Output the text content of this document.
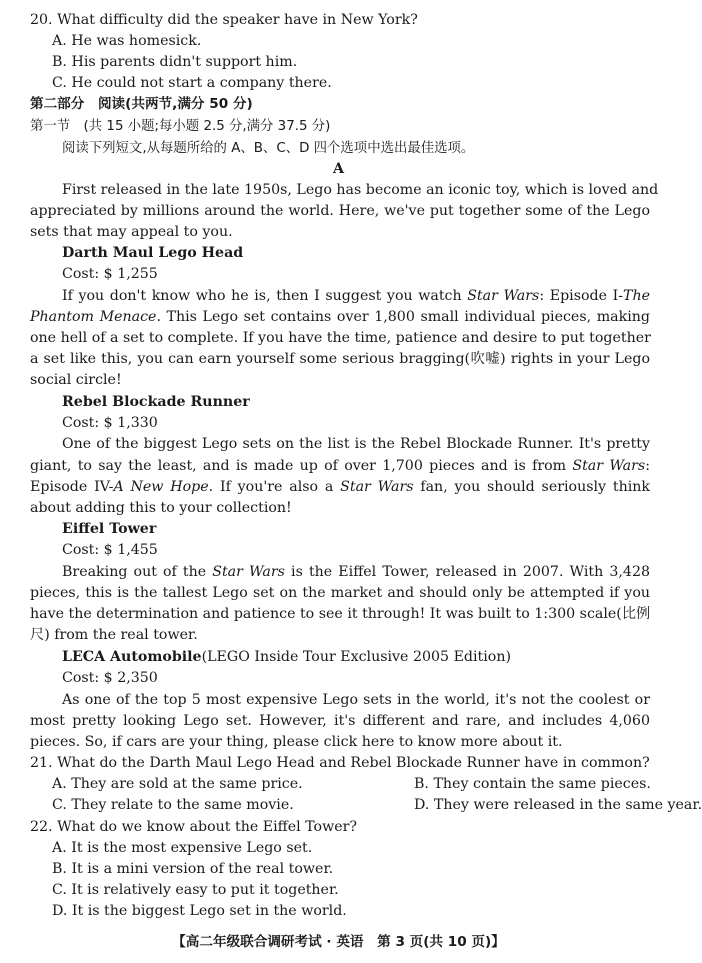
20. What difficulty did the speaker have in New York?
A. He was homesick.
B. His parents didn't support him.
C. He could not start a company there.
第二部分　阅读(共两节,满分 50 分)
第一节　(共 15 小题;每小题 2.5 分,满分 37.5 分)
阅读下列短文,从每题所给的 A、B、C、D 四个选项中选出最佳选项。
A
First released in the late 1950s, Lego has become an iconic toy, which is loved and
appreciated by millions around the world. Here, we've put together some of the Lego
sets that may appeal to you.
Darth Maul Lego Head
Cost: $ 1,255
If you don't know who he is, then I suggest you watch Star Wars: Episode I-The
Phantom Menace. This Lego set contains over 1,800 small individual pieces, making
one hell of a set to complete. If you have the time, patience and desire to put together
a set like this, you can earn yourself some serious bragging(吹嘘) rights in your Lego
social circle!
Rebel Blockade Runner
Cost: $ 1,330
One of the biggest Lego sets on the list is the Rebel Blockade Runner. It's pretty
giant, to say the least, and is made up of over 1,700 pieces and is from Star Wars:
Episode IV-A New Hope. If you're also a Star Wars fan, you should seriously think
about adding this to your collection!
Eiffel Tower
Cost: $ 1,455
Breaking out of the Star Wars is the Eiffel Tower, released in 2007. With 3,428
pieces, this is the tallest Lego set on the market and should only be attempted if you
have the determination and patience to see it through! It was built to 1:300 scale(比例
尺) from the real tower.
LECA Automobile(LEGO Inside Tour Exclusive 2005 Edition)
Cost: $ 2,350
As one of the top 5 most expensive Lego sets in the world, it's not the coolest or
most pretty looking Lego set. However, it's different and rare, and includes 4,060
pieces. So, if cars are your thing, please click here to know more about it.
21. What do the Darth Maul Lego Head and Rebel Blockade Runner have in common?
A. They are sold at the same price.	B. They contain the same pieces.
C. They relate to the same movie.	D. They were released in the same year.
22. What do we know about the Eiffel Tower?
A. It is the most expensive Lego set.
B. It is a mini version of the real tower.
C. It is relatively easy to put it together.
D. It is the biggest Lego set in the world.
【高二年级联合调研考试 · 英语　第 3 页(共 10 页)】
